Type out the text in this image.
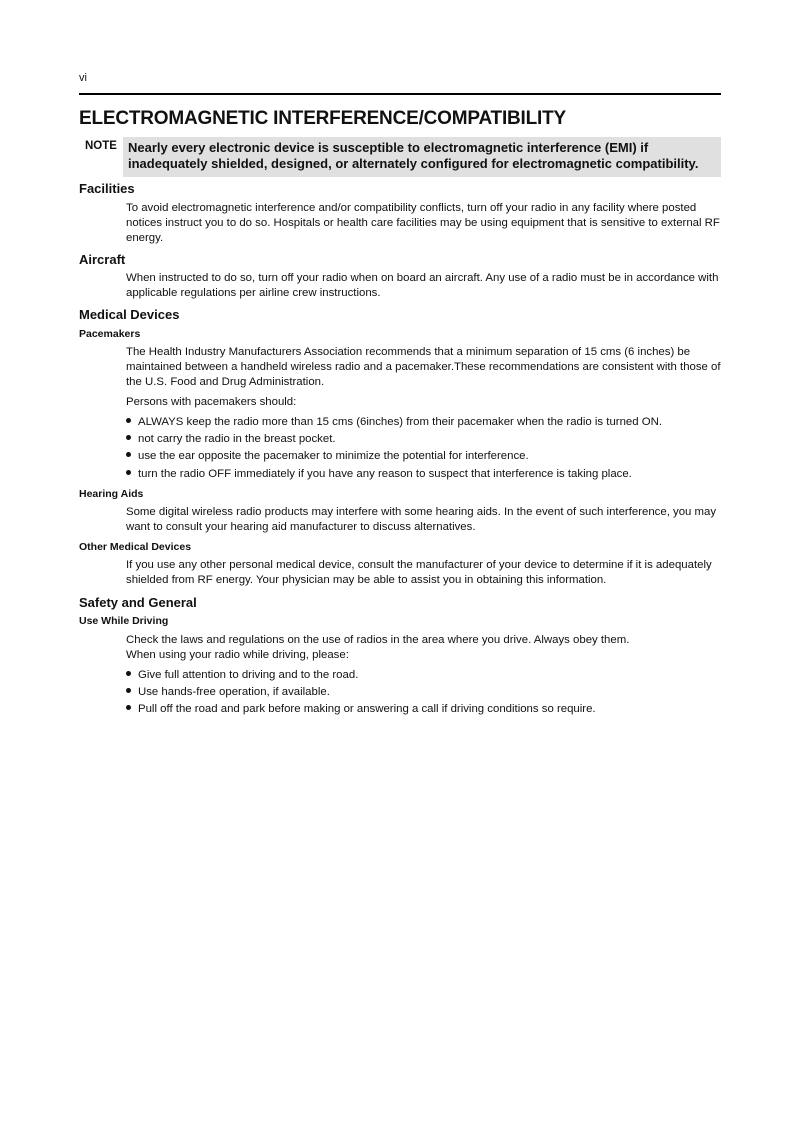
vi
ELECTROMAGNETIC INTERFERENCE/COMPATIBILITY
NOTE Nearly every electronic device is susceptible to electromagnetic interference (EMI) if inadequately shielded, designed, or alternately configured for electromagnetic compatibility.
Facilities
To avoid electromagnetic interference and/or compatibility conflicts, turn off your radio in any facility where posted notices instruct you to do so. Hospitals or health care facilities may be using equipment that is sensitive to external RF energy.
Aircraft
When instructed to do so, turn off your radio when on board an aircraft. Any use of a radio must be in accordance with applicable regulations per airline crew instructions.
Medical Devices
Pacemakers
The Health Industry Manufacturers Association recommends that a minimum separation of 15 cms (6 inches) be maintained between a handheld wireless radio and a pacemaker.These recommendations are consistent with those of the U.S. Food and Drug Administration.
Persons with pacemakers should:
ALWAYS keep the radio more than 15 cms (6inches) from their pacemaker when the radio is turned ON.
not carry the radio in the breast pocket.
use the ear opposite the pacemaker to minimize the potential for interference.
turn the radio OFF immediately if you have any reason to suspect that interference is taking place.
Hearing Aids
Some digital wireless radio products may interfere with some hearing aids. In the event of such interference, you may want to consult your hearing aid manufacturer to discuss alternatives.
Other Medical Devices
If you use any other personal medical device, consult the manufacturer of your device to determine if it is adequately shielded from RF energy. Your physician may be able to assist you in obtaining this information.
Safety and General
Use While Driving
Check the laws and regulations on the use of radios in the area where you drive. Always obey them.
When using your radio while driving, please:
Give full attention to driving and to the road.
Use hands-free operation, if available.
Pull off the road and park before making or answering a call if driving conditions so require.
